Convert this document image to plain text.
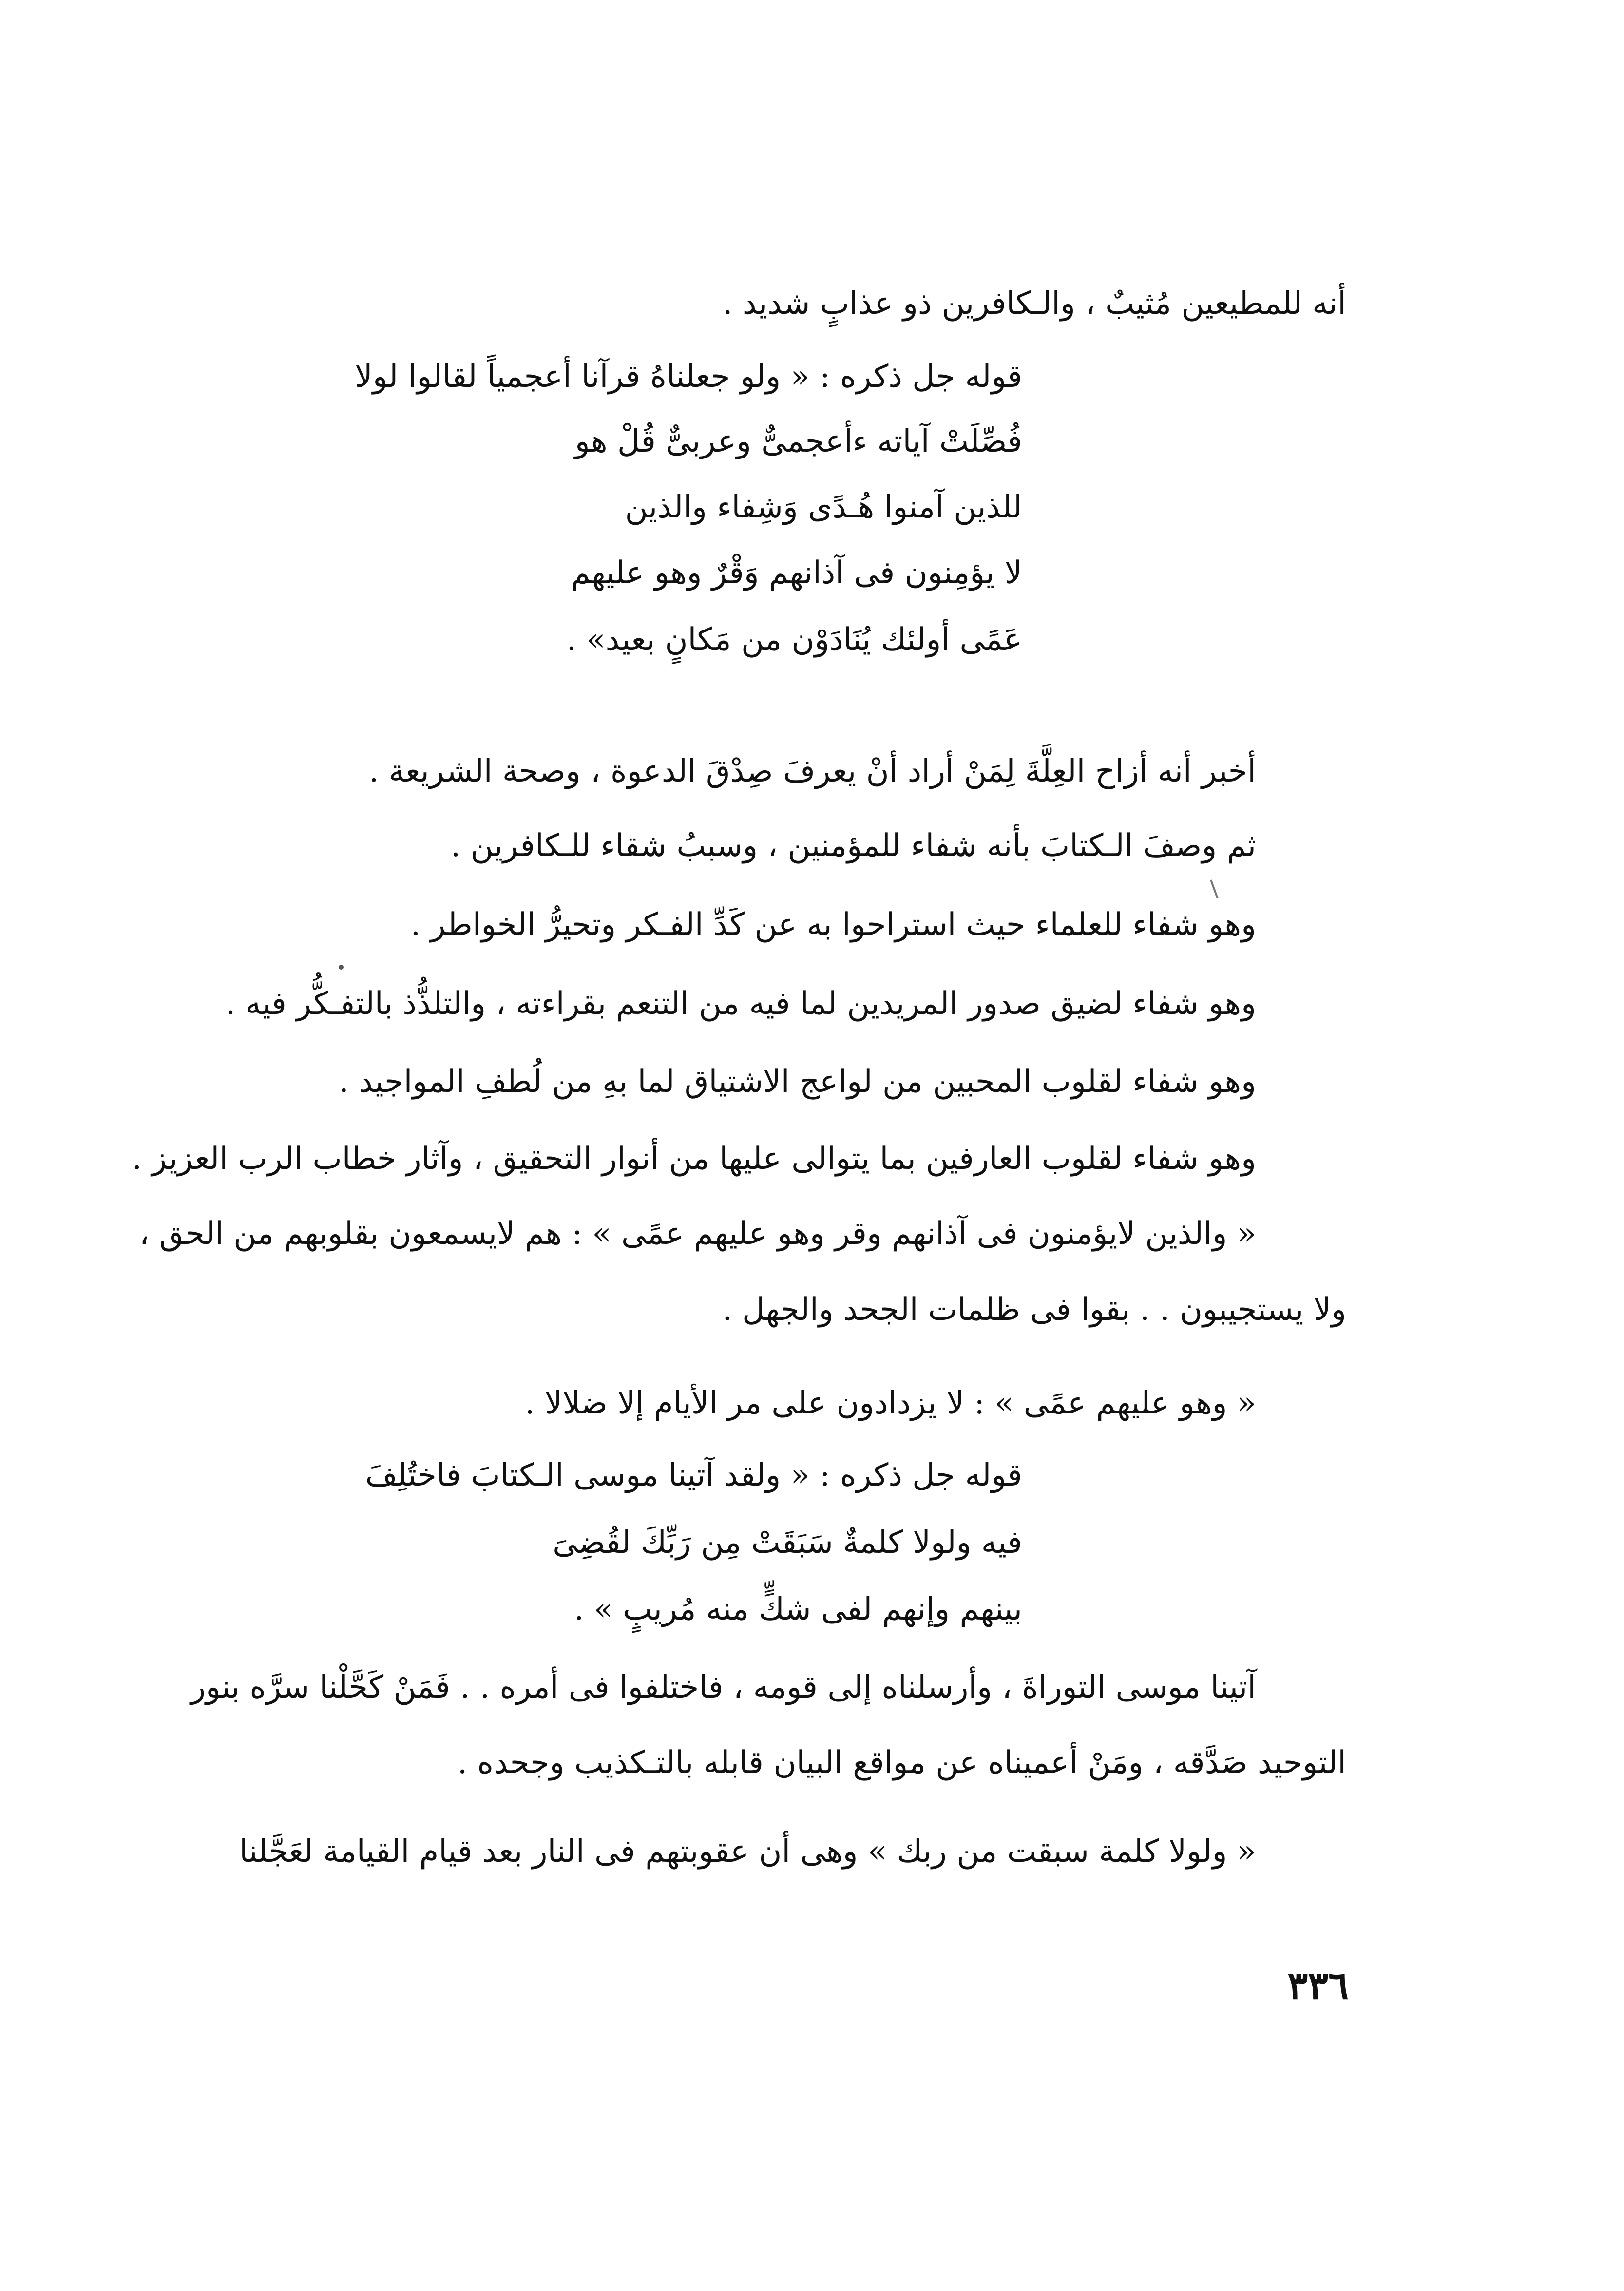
أنه للمطيعين مُثيبٌ ، والـكافرين ذو عذابٍ شديد .
قوله جل ذكره : « ولو جعلناهُ قرآنا أعجمياً لقالوا لولا
فُصِّلَتْ آياته ءأعجمىٌّ وعربىٌّ قُلْ هو
للذين آمنوا هُـدًى وَشِفاء والذين
لا يؤمِنون فى آذانهم وَقْرٌ وهو عليهم
عَمًى أولئك يُنَادَوْن من مَكانٍ بعيد» .
أخبر أنه أزاح العِلَّةَ لِمَنْ أراد أنْ يعرفَ صِدْقَ الدعوة ، وصحة الشريعة .
ثم وصفَ الـكتابَ بأنه شفاء للمؤمنين ، وسببُ شقاء للـكافرين .
وهو شفاء للعلماء حيث استراحوا به عن كَدِّ الفـكر وتحيرُّ الخواطر .
وهو شفاء لضيق صدور المريدين لما فيه من التنعم بقراءته ، والتلذُّذ بالتفـكُّر فيه .
وهو شفاء لقلوب المحبين من لواعج الاشتياق لما بهِ من لُطفِ المواجيد .
وهو شفاء لقلوب العارفين بما يتوالى عليها من أنوار التحقيق ، وآثار خطاب الرب العزيز .
« والذين لايؤمنون فى آذانهم وقر وهو عليهم عمًى » : هم لايسمعون بقلوبهم من الحق ،
ولا يستجيبون . . بقوا فى ظلمات الجحد والجهل .
« وهو عليهم عمًى » : لا يزدادون على مر الأيام إلا ضلالا .
قوله جل ذكره : « ولقد آتينا موسى الـكتابَ فاختُلِفَ
فيه ولولا كلمةٌ سَبَقَتْ مِن رَبِّكَ لقُضِىَ
بينهم وإنهم لفى شكٍّ منه مُريبٍ » .
آتينا موسى التوراةَ ، وأرسلناه إلى قومه ، فاختلفوا فى أمره . . فَمَنْ كَحَّلْنا سرَّه بنور
التوحيد صَدَّقه ، ومَنْ أعميناه عن مواقع البيان قابله بالتـكذيب وجحده .
« ولولا كلمة سبقت من ربك » وهى أن عقوبتهم فى النار بعد قيام القيامة لعَجَّلنا
٣٣٦
